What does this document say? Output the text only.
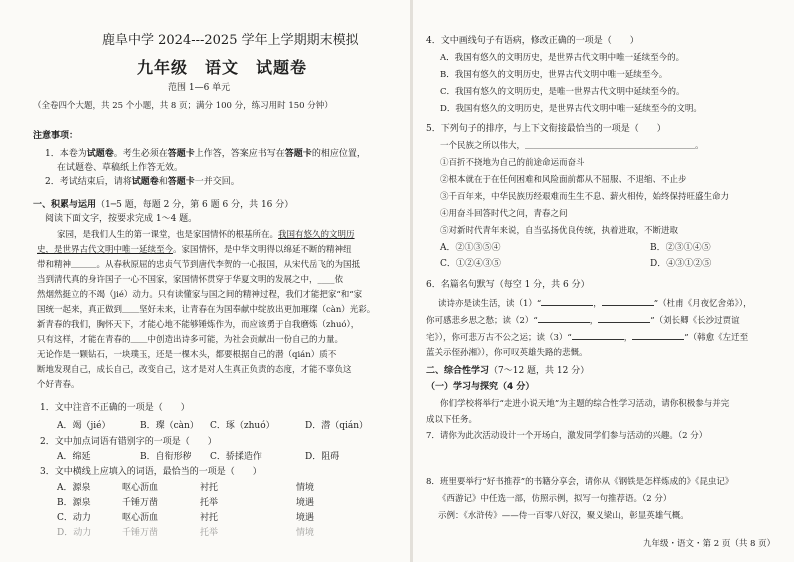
鹿阜中学 2024---2025 学年上学期期末模拟
九年级　语文　试题卷
范围 1—6 单元
（全卷四个大题，共 25 个小题，共 8 页；满分 100 分，练习用时 150 分钟）
注意事项：
1．本卷为试题卷。考生必须在答题卡上作答，答案应书写在答题卡的相应位置，
在试题卷、草稿纸上作答无效。
2．考试结束后，请将试题卷和答题卡一并交回。
一、积累与运用（1─5 题，每题 2 分，第 6 题 6 分，共 16 分）
阅读下面文字，按要求完成 1～4 题。
家园，是我们人生的第一课堂，也是家国情怀的根基所在。我国有悠久的文明历
史，是世界古代文明中唯一延续至今。家国情怀，是中华文明得以绵延不断的精神纽
带和精神＿＿＿。从春秋原屈的忠贞气节到唐代李贺的一心报国，从宋代岳飞的为国抵
当到清代真的身许国子一心不国家，家国情怀贯穿于华夏文明的发展之中，____依
然烟然挺立的不竭（jié）动力。只有读懂家与国之间的精神过程，我们才能把家“和“家
国统一起来，真正做到＿＿坚好未来，让青春在为国奉献中绽放出更加璀璨（càn）光彩。
新青春的我们，胸怀天下，才能心地不能够锤炼作为，而应该勇于自我磨炼（zhuó），
只有这样，才能在青春的＿＿中创造出诗多可能，为社会贡献出一份自己的力量。
无论作是一颗钻石，一块璞玉，还是一棵木头，都要根据自己的潜（qián）质不
断地发现自己，成长自己，改变自己，这才是对人生真正负责的态度，才能不辜负这
个好青春。
1．文中注音不正确的一项是（　　）
A．竭（jié）	B．璨（càn） C．琢（zhuó）	D．潜（qián）
2．文中加点词语有错别字的一项是（　　）
A．绵延	B．自衔形秽 C．骄揉造作	D．阻碍
3．文中横线上应填入的词语，最恰当的一项是（　　）
A．源泉	呕心沥血	衬托	情境
B．源泉	千锤万凿	托举	境遇
C．动力	呕心沥血	衬托	境遇
D．动力	千锤万凿	托举	情境
4．文中画线句子有语病，修改正确的一项是（　　）
A．我国有悠久的文明历史，是世界古代文明中唯一延续至今的。
B．我国有悠久的文明历史，世界古代文明中唯一延续至今。
C．我国有悠久的文明历史，是唯一世界古代文明中延续至今的。
D．我国有悠久的文明历史，是世界古代文明中唯一延续至今的文明。
5．下列句子的排序，与上下文衔接最恰当的一项是（　　）
一个民族之所以伟大，＿＿＿＿＿＿＿＿＿＿＿＿＿＿＿＿＿＿＿＿。
①百折不挠地为自己的前途命运而奋斗
②根本就在于在任何困难和风险面前都从不屈服、不退缩、不止步
③千百年来，中华民族历经艰难而生生不息、薪火相传，始终保持旺盛生命力
④用奋斗回答时代之问，青春之问
⑤对新时代青年来说，自当弘扬优良传统，执着进取，不断进取
A．②①③⑤④	B．②③①④⑤
C．①②④③⑤	D．④③①②⑤
6．名篇名句默写（每空 1 分，共 6 分）
读诗亦是读生活，读（1）“	，	”（杜甫《月夜忆舍弟》），
你可感悲乡思之愁；读（2）“	，	”（刘长卿《长沙过贾谊
宅》），你可悲万古不公之运；读（3）“	，	”（韩愈《左迁至
蓝关示侄孙湘》），你可叹英雄失路的悲慨。
二、综合性学习（7～12 题，共 12 分）
（一）学习与探究（4 分）
你们学校将举行“走进小说天地”为主题的综合性学习活动，请你积极参与并完
成以下任务。
7．请你为此次活动设计一个开场白，激发同学们参与活动的兴趣。（2 分）
8．班里要举行“好书推荐”的书籍分享会，请你从《钢铁是怎样炼成的》《昆虫记》
《西游记》中任选一部，仿照示例，拟写一句推荐语。（2 分）
示例：《水浒传》——侍一百零八好汉，聚义梁山，彰显英雄气概。
九年级・语文・第 2 页（共 8 页）
